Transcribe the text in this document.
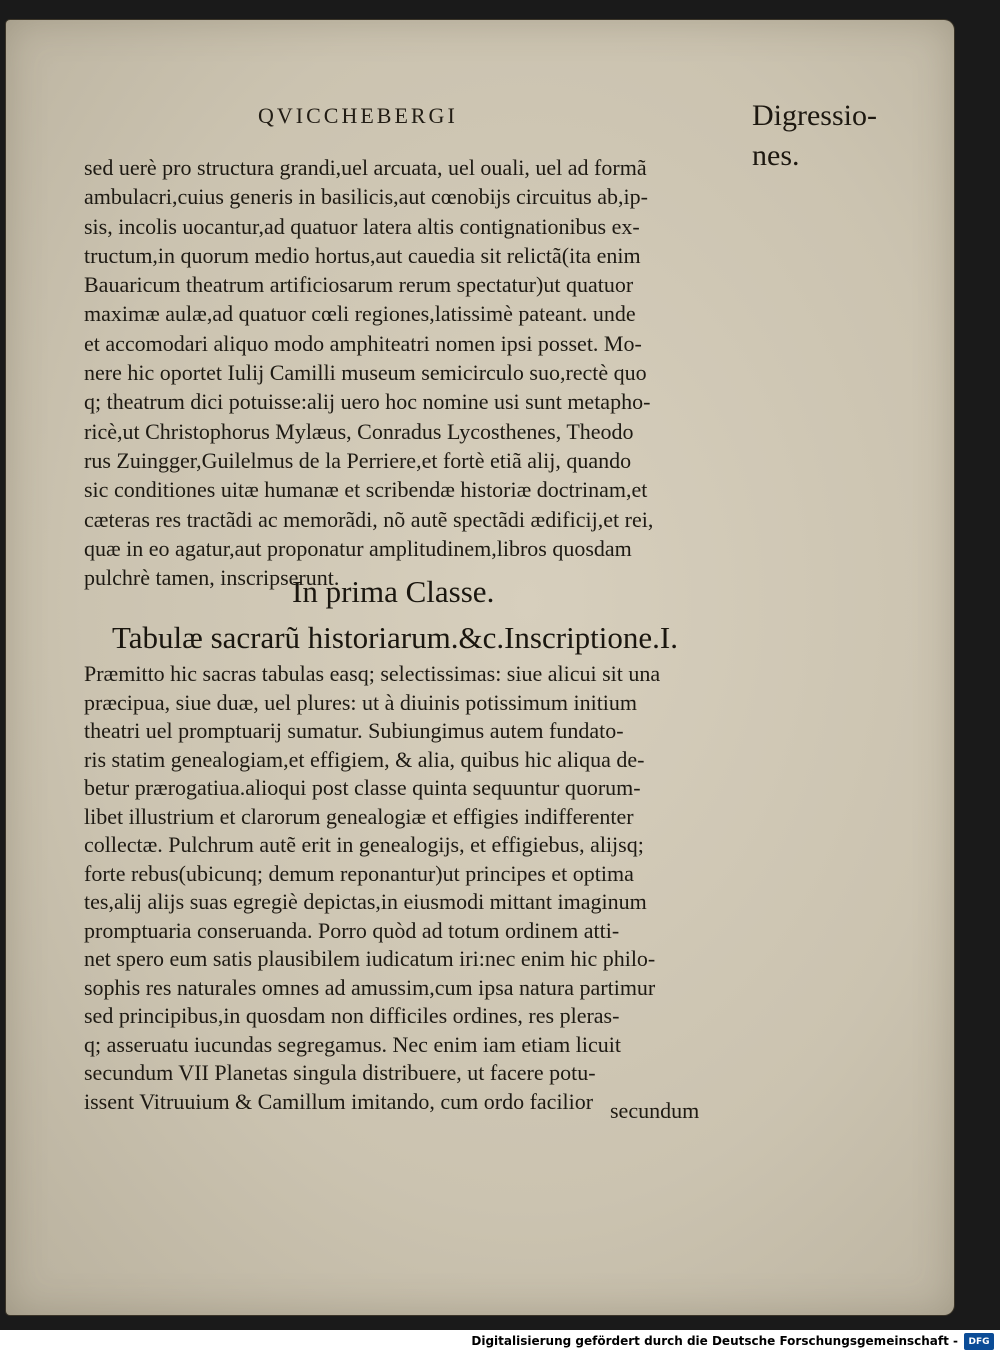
QVICCHEBERGI	Digressio-
nes.
sed uerè pro structura grandi,uel arcuata, uel ouali, uel ad formã
ambulacri,cuius generis in basilicis,aut cœnobijs circuitus ab,ip-
sis, incolis uocantur,ad quatuor latera altis contignationibus ex-
tructum,in quorum medio hortus,aut cauedia sit relictã(ita enim
Bauaricum theatrum artificiosarum rerum spectatur)ut quatuor
maximæ aulæ,ad quatuor cœli regiones,latissimè pateant. unde
et accomodari aliquo modo amphiteatri nomen ipsi posset. Mo-
nere hic oportet Iulij Camilli museum semicirculo suo,rectè quo
q; theatrum dici potuisse:alij uero hoc nomine usi sunt metapho-
ricè,ut Christophorus Mylæus, Conradus Lycosthenes, Theodo
rus Zuingger,Guilelmus de la Perriere,et fortè etiã alij, quando
sic conditiones uitæ humanæ et scribendæ historiæ doctrinam,et
cæteras res tractãdi ac memorãdi, nõ autẽ spectãdi ædificij,et rei,
quæ in eo agatur,aut proponatur amplitudinem,libros quosdam
pulchrè tamen, inscripserunt.
In prima Classe.
Tabulæ sacrarũ historiarum.&c.Inscriptione.I.
Præmitto hic sacras tabulas easq; selectissimas: siue alicui sit una
præcipua, siue duæ, uel plures: ut à diuinis potissimum initium
theatri uel promptuarij sumatur. Subiungimus autem fundato-
ris statim genealogiam,et effigiem, & alia, quibus hic aliqua de-
betur prærogatiua.alioqui post classe quinta sequuntur quorum-
libet illustrium et clarorum genealogiæ et effigies indifferenter
collectæ. Pulchrum autẽ erit in genealogijs, et effigiebus, alijsq;
forte rebus(ubicunq; demum reponantur)ut principes et optima
tes,alij alijs suas egregiè depictas,in eiusmodi mittant imaginum
promptuaria conseruanda. Porro quòd ad totum ordinem atti-
net spero eum satis plausibilem iudicatum iri:nec enim hic philo-
sophis res naturales omnes ad amussim,cum ipsa natura partimur
sed principibus,in quosdam non difficiles ordines, res pleras-
q; asseruatu iucundas segregamus. Nec enim iam etiam licuit
secundum VII Planetas singula distribuere, ut facere potu-
issent Vitruuium & Camillum imitando, cum ordo facilior secundum
Digitalisierung gefördert durch die Deutsche Forschungsgemeinschaft -	DFG
